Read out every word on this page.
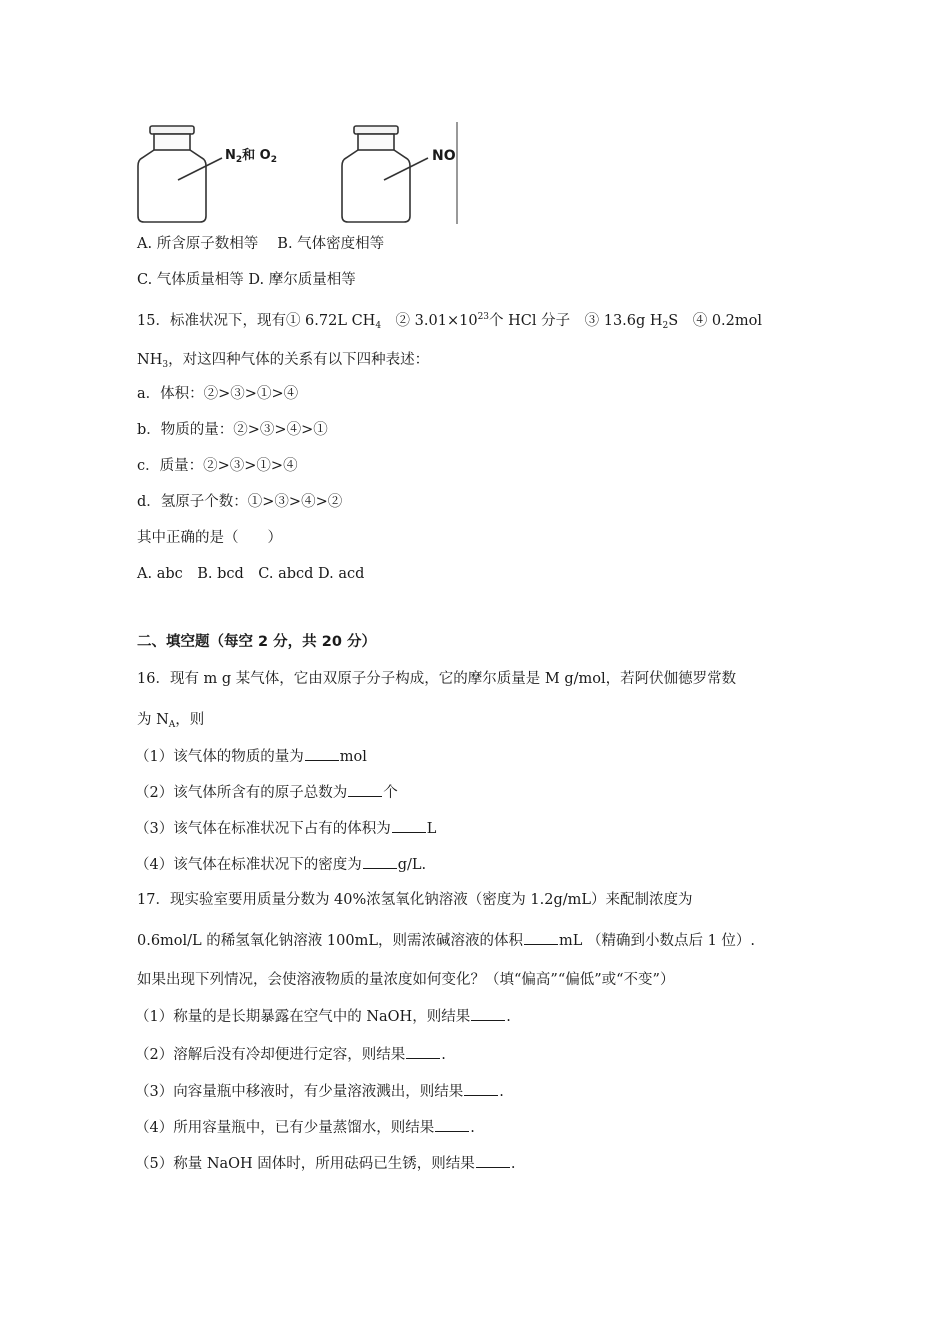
$N_2$和 $O_2$	NO
A. 所含原子数相等　 B. 气体密度相等
C. 气体质量相等 D. 摩尔质量相等
15．标准状况下，现有① 6.72L $CH_4$　② $3.01\times 10^{23}$个 HCl 分子　③ 13.6g $H_2S$　④ 0.2mol
$NH_3$，对这四种气体的关系有以下四种表述：
a．体积：②>③>①>④
b．物质的量：②>③>④>①
c．质量：②>③>①>④
d．氢原子个数：①>③>④>②
其中正确的是（　　）
A. abc　B. bcd　C. abcd D. acd
二、填空题（每空 2 分，共 20 分）
16．现有 m g 某气体，它由双原子分子构成，它的摩尔质量是 M g/mol，若阿伏伽德罗常数
为 $N_A$，则
（1）该气体的物质的量为 mol
（2）该气体所含有的原子总数为 个
（3）该气体在标准状况下占有的体积为 L
（4）该气体在标准状况下的密度为 g/L.
17．现实验室要用质量分数为 40%浓氢氧化钠溶液（密度为 1.2g/mL）来配制浓度为
0.6mol/L 的稀氢氧化钠溶液 100mL，则需浓碱溶液的体积 mL （精确到小数点后 1 位）.
如果出现下列情况，会使溶液物质的量浓度如何变化？（填“偏高”“偏低”或“不变”）
（1）称量的是长期暴露在空气中的 NaOH，则结果 .
（2）溶解后没有冷却便进行定容，则结果 .
（3）向容量瓶中移液时，有少量溶液溅出，则结果 .
（4）所用容量瓶中，已有少量蒸馏水，则结果 .
（5）称量 NaOH 固体时，所用砝码已生锈，则结果 .
